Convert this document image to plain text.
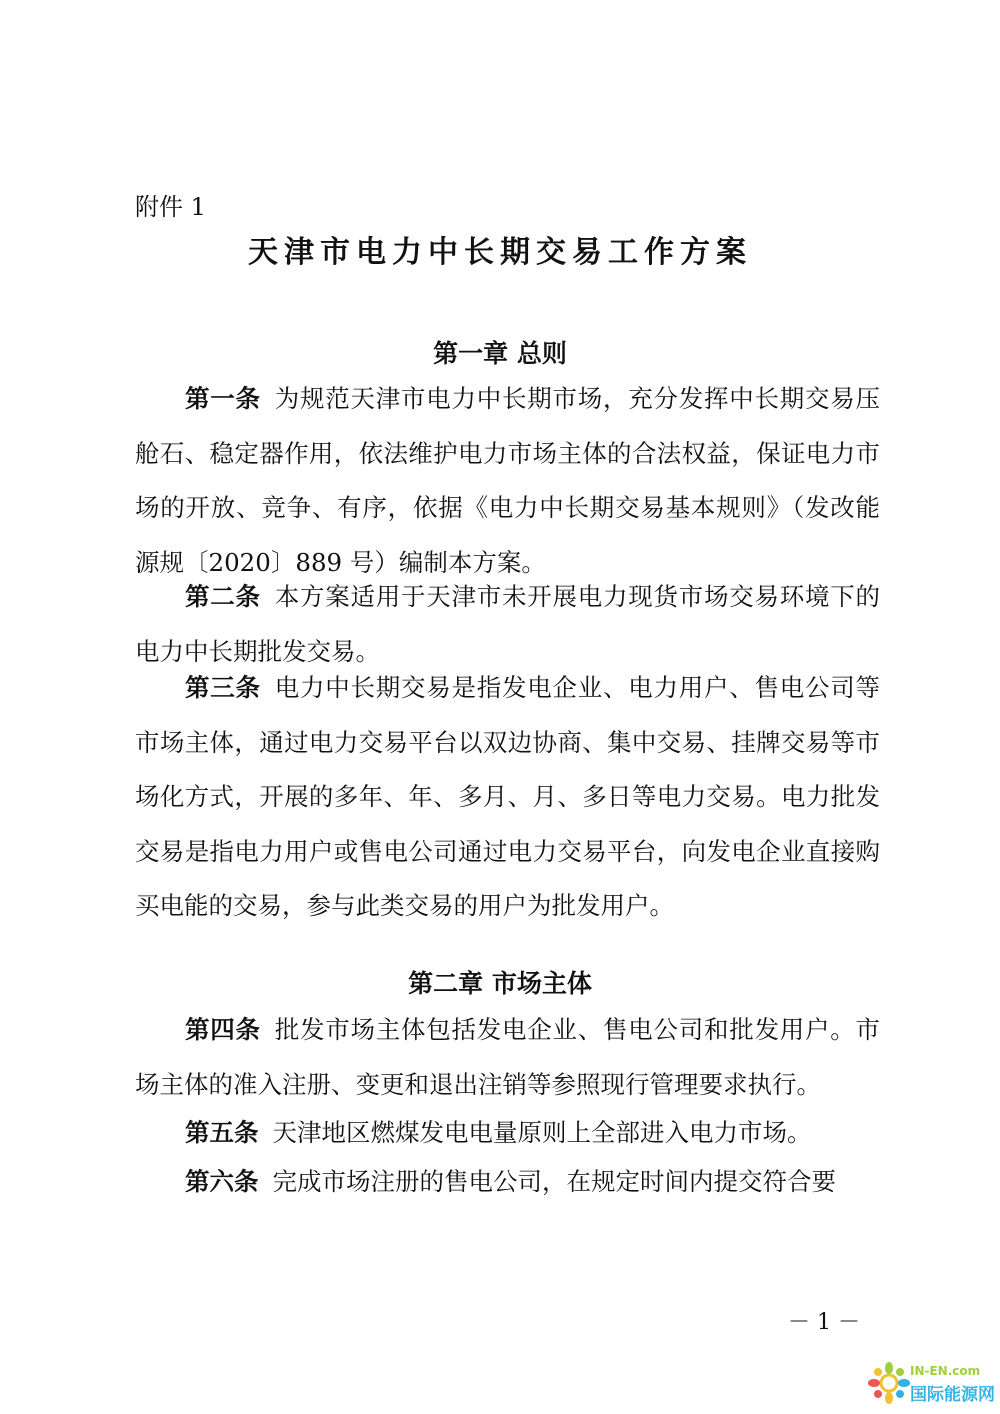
附件 1
天津市电力中长期交易工作方案
第一章 总则
第一条 为规范天津市电力中长期市场，充分发挥中长期交易压舱石、稳定器作用，依法维护电力市场主体的合法权益，保证电力市场的开放、竞争、有序，依据《电力中长期交易基本规则》（发改能源规〔2020〕889 号）编制本方案。
第二条 本方案适用于天津市未开展电力现货市场交易环境下的电力中长期批发交易。
第三条 电力中长期交易是指发电企业、电力用户、售电公司等市场主体，通过电力交易平台以双边协商、集中交易、挂牌交易等市场化方式，开展的多年、年、多月、月、多日等电力交易。电力批发交易是指电力用户或售电公司通过电力交易平台，向发电企业直接购买电能的交易，参与此类交易的用户为批发用户。
第二章 市场主体
第四条 批发市场主体包括发电企业、售电公司和批发用户。市场主体的准入注册、变更和退出注销等参照现行管理要求执行。
第五条 天津地区燃煤发电电量原则上全部进入电力市场。
第六条 完成市场注册的售电公司，在规定时间内提交符合要
－ 1 －
IN-EN.com
国际能源网
